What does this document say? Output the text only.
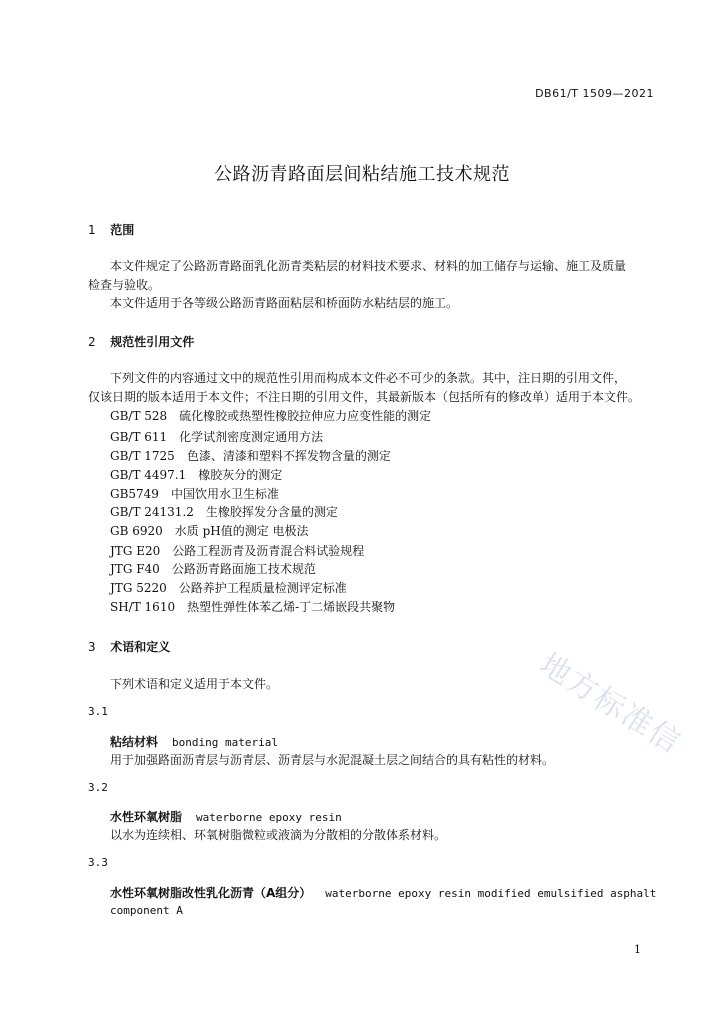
DB61/T 1509—2021
公路沥青路面层间粘结施工技术规范
1 范围
本文件规定了公路沥青路面乳化沥青类粘层的材料技术要求、材料的加工储存与运输、施工及质量
检查与验收。
本文件适用于各等级公路沥青路面粘层和桥面防水粘结层的施工。
2 规范性引用文件
下列文件的内容通过文中的规范性引用而构成本文件必不可少的条款。其中，注日期的引用文件，
仅该日期的版本适用于本文件；不注日期的引用文件，其最新版本（包括所有的修改单）适用于本文件。
GB/T 528 硫化橡胶或热塑性橡胶拉伸应力应变性能的测定
GB/T 611 化学试剂密度测定通用方法
GB/T 1725 色漆、清漆和塑料不挥发物含量的测定
GB/T 4497.1 橡胶灰分的测定
GB5749 中国饮用水卫生标准
GB/T 24131.2 生橡胶挥发分含量的测定
GB 6920 水质 pH值的测定 电极法
JTG E20 公路工程沥青及沥青混合料试验规程
JTG F40 公路沥青路面施工技术规范
JTG 5220 公路养护工程质量检测评定标准
SH/T 1610 热塑性弹性体苯乙烯-丁二烯嵌段共聚物
3 术语和定义
下列术语和定义适用于本文件。
3.1
粘结材料 bonding material
用于加强路面沥青层与沥青层、沥青层与水泥混凝土层之间结合的具有粘性的材料。
3.2
水性环氧树脂 waterborne epoxy resin
以水为连续相、环氧树脂微粒或液滴为分散相的分散体系材料。
3.3
水性环氧树脂改性乳化沥青（A组分） waterborne epoxy resin modified emulsified asphalt
component A
1
地方标准信
